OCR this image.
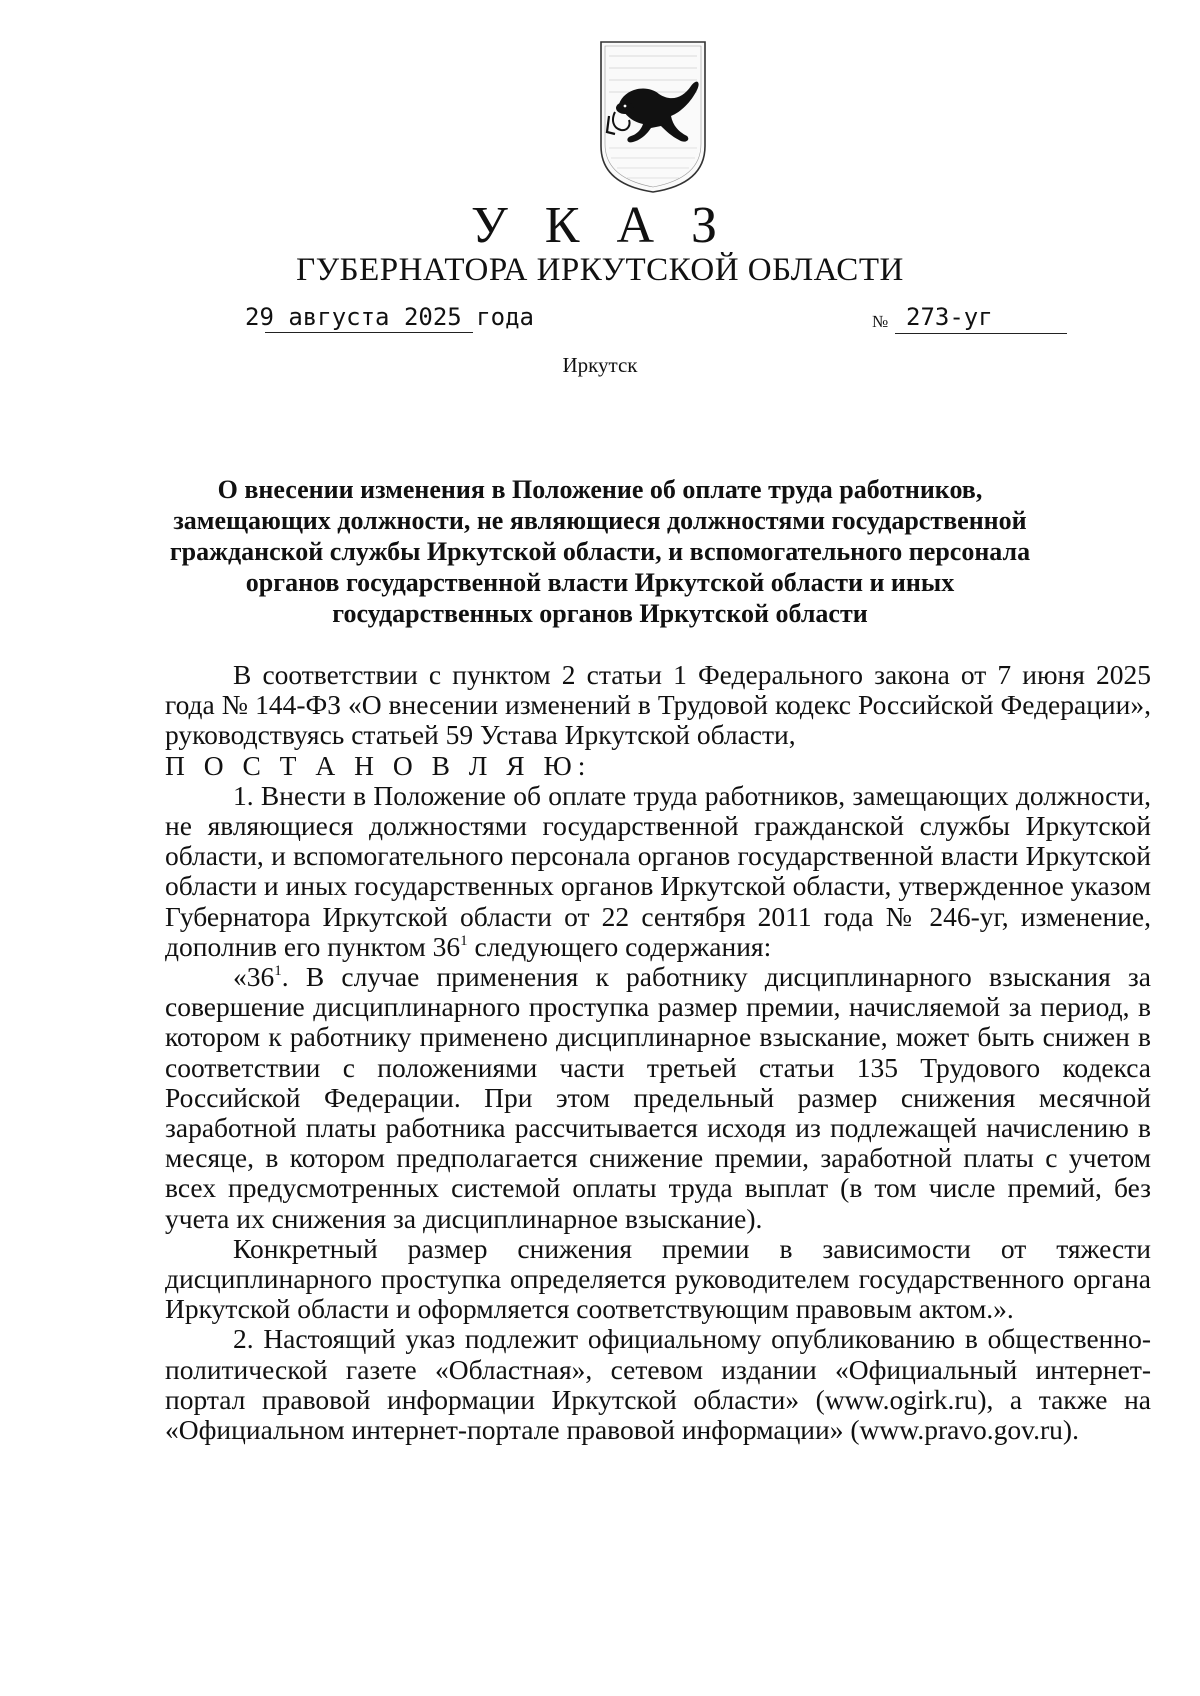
У К А З
ГУБЕРНАТОРА ИРКУТСКОЙ ОБЛАСТИ
29 августа 2025 года	№ 273-уг
Иркутск
О внесении изменения в Положение об оплате труда работников,
замещающих должности, не являющиеся должностями государственной
гражданской службы Иркутской области, и вспомогательного персонала
органов государственной власти Иркутской области и иных
государственных органов Иркутской области

В соответствии с пунктом 2 статьи 1 Федерального закона от 7 июня 2025 года № 144-ФЗ «О внесении изменений в Трудовой кодекс Российской Федерации», руководствуясь статьей 59 Устава Иркутской области,

П О С Т А Н О В Л Я Ю:

1. Внести в Положение об оплате труда работников, замещающих должности, не являющиеся должностями государственной гражданской службы Иркутской области, и вспомогательного персонала органов государственной власти Иркутской области и иных государственных органов Иркутской области, утвержденное указом Губернатора Иркутской области от 22 сентября 2011 года № 246-уг, изменение, дополнив его пунктом $36^1$ следующего содержания:

«$36^1$. В случае применения к работнику дисциплинарного взыскания за совершение дисциплинарного проступка размер премии, начисляемой за период, в котором к работнику применено дисциплинарное взыскание, может быть снижен в соответствии с положениями части третьей статьи 135 Трудового кодекса Российской Федерации. При этом предельный размер снижения месячной заработной платы работника рассчитывается исходя из подлежащей начислению в месяце, в котором предполагается снижение премии, заработной платы с учетом всех предусмотренных системой оплаты труда выплат (в том числе премий, без учета их снижения за дисциплинарное взыскание).

Конкретный размер снижения премии в зависимости от тяжести дисциплинарного проступка определяется руководителем государственного органа Иркутской области и оформляется соответствующим правовым актом.».

2. Настоящий указ подлежит официальному опубликованию в общественно-политической газете «Областная», сетевом издании «Официальный интернет-портал правовой информации Иркутской области» (www.ogirk.ru), а также на «Официальном интернет-портале правовой информации» (www.pravo.gov.ru).
